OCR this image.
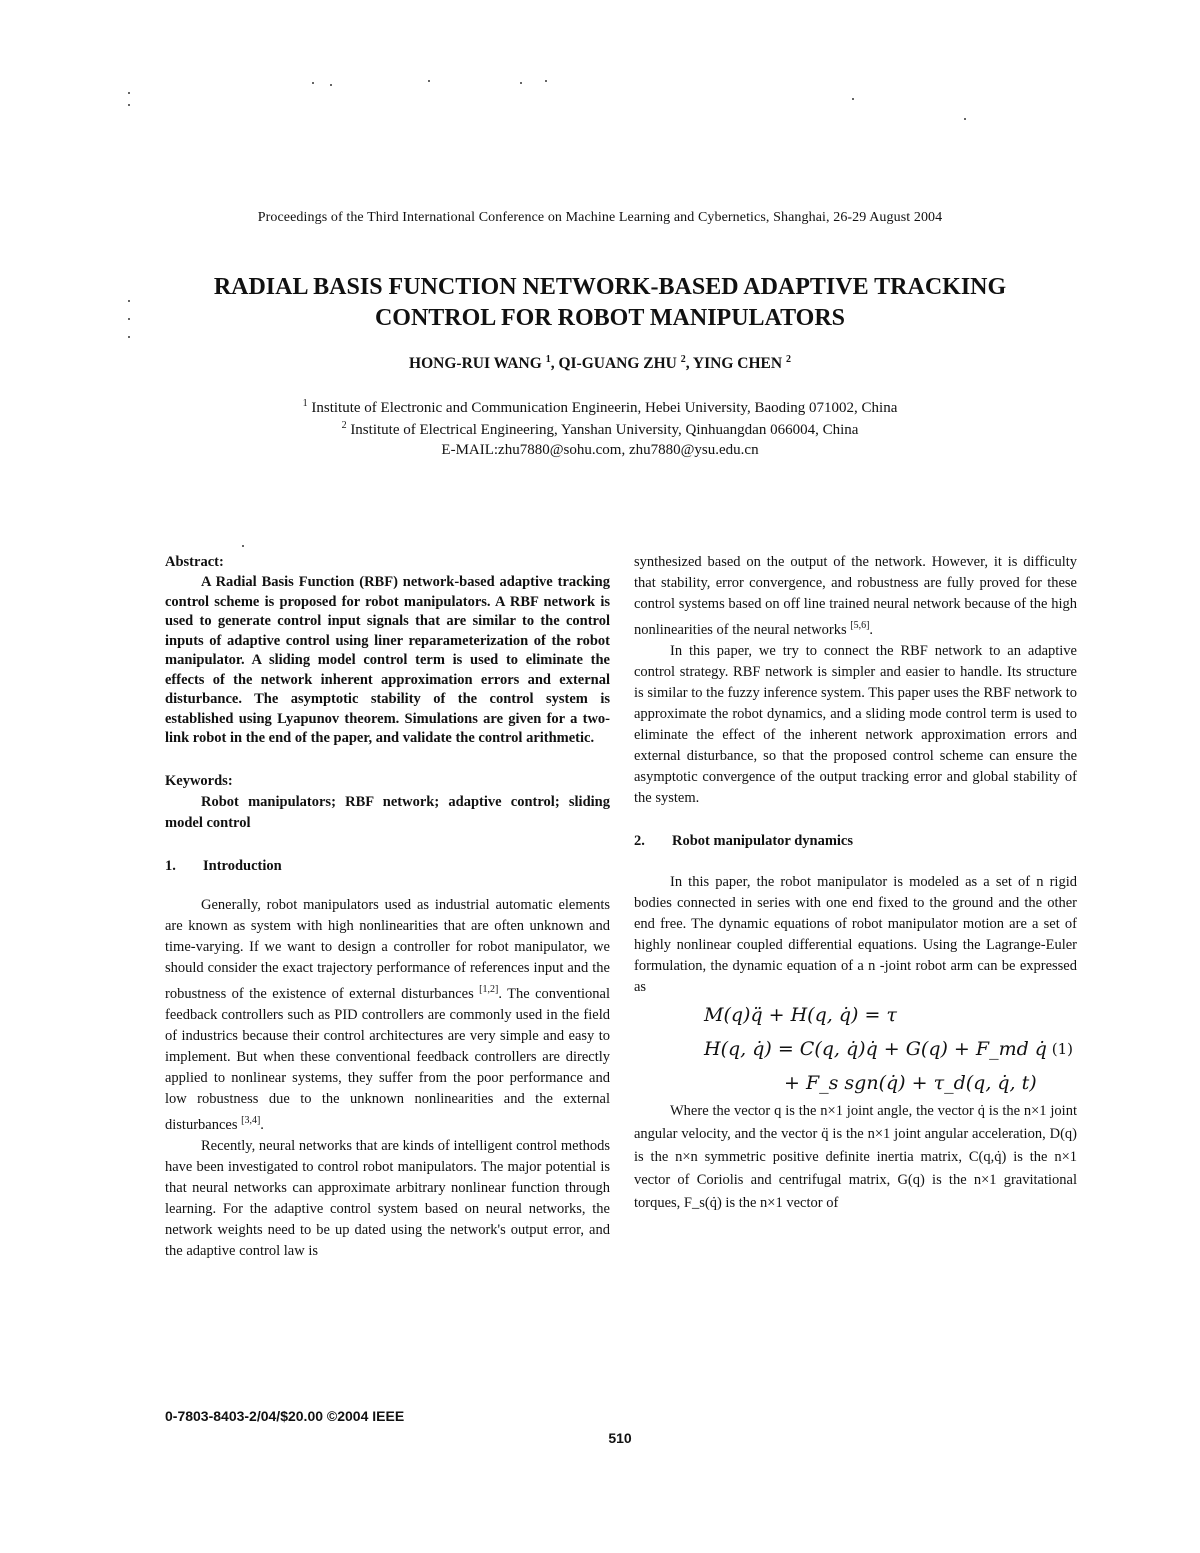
Proceedings of the Third International Conference on Machine Learning and Cybernetics, Shanghai, 26-29 August 2004
RADIAL BASIS FUNCTION NETWORK-BASED ADAPTIVE TRACKING
CONTROL FOR ROBOT MANIPULATORS
HONG-RUI WANG $^1$, QI-GUANG ZHU $^2$, YING CHEN $^2$
$^1$ Institute of Electronic and Communication Engineerin, Hebei University, Baoding 071002, China
$^2$ Institute of Electrical Engineering, Yanshan University, Qinhuangdan 066004, China
E-MAIL:zhu7880@sohu.com, zhu7880@ysu.edu.cn

Abstract:

A Radial Basis Function (RBF) network-based adaptive tracking control scheme is proposed for robot manipulators. A RBF network is used to generate control input signals that are similar to the control inputs of adaptive control using liner reparameterization of the robot manipulator. A sliding model control term is used to eliminate the effects of the network inherent approximation errors and external disturbance. The asymptotic stability of the control system is established using Lyapunov theorem. Simulations are given for a two-link robot in the end of the paper, and validate the control arithmetic.

Keywords:

Robot manipulators; RBF network; adaptive control; sliding model control

1. Introduction

Generally, robot manipulators used as industrial automatic elements are known as system with high nonlinearities that are often unknown and time-varying. If we want to design a controller for robot manipulator, we should consider the exact trajectory performance of references input and the robustness of the existence of external disturbances [1,2]. The conventional feedback controllers such as PID controllers are commonly used in the field of industrics because their control architectures are very simple and easy to implement. But when these conventional feedback controllers are directly applied to nonlinear systems, they suffer from the poor performance and low robustness due to the unknown nonlinearities and the external disturbances [3,4].

Recently, neural networks that are kinds of intelligent control methods have been investigated to control robot manipulators. The major potential is that neural networks can approximate arbitrary nonlinear function through learning. For the adaptive control system based on neural networks, the network weights need to be up dated using the network's output error, and the adaptive control law is

synthesized based on the output of the network. However, it is difficulty that stability, error convergence, and robustness are fully proved for these control systems based on off line trained neural network because of the high nonlinearities of the neural networks [5,6].

In this paper, we try to connect the RBF network to an adaptive control strategy. RBF network is simpler and easier to handle. Its structure is similar to the fuzzy inference system. This paper uses the RBF network to approximate the robot dynamics, and a sliding mode control term is used to eliminate the effect of the inherent network approximation errors and external disturbance, so that the proposed control scheme can ensure the asymptotic convergence of the output tracking error and global stability of the system.

2. Robot manipulator dynamics

In this paper, the robot manipulator is modeled as a set of n rigid bodies connected in series with one end fixed to the ground and the other end free. The dynamic equations of robot manipulator motion are a set of highly nonlinear coupled differential equations. Using the Lagrange-Euler formulation, the dynamic equation of a n -joint robot arm can be expressed as

M(q)q̈ + H(q, q̇) = τ
H(q, q̇) = C(q, q̇)q̇ + G(q) + F_md q̇
+ F_s sgn(q̇) + τ_d(q, q̇, t)
(1)

Where the vector q is the n×1 joint angle, the vector q̇ is the n×1 joint angular velocity, and the vector q̈ is the n×1 joint angular acceleration, D(q) is the n×n symmetric positive definite inertia matrix, C(q,q̇) is the n×1 vector of Coriolis and centrifugal matrix, G(q) is the n×1 gravitational torques, F_s(q̇) is the n×1 vector of

0-7803-8403-2/04/$20.00 ©2004 IEEE
510
